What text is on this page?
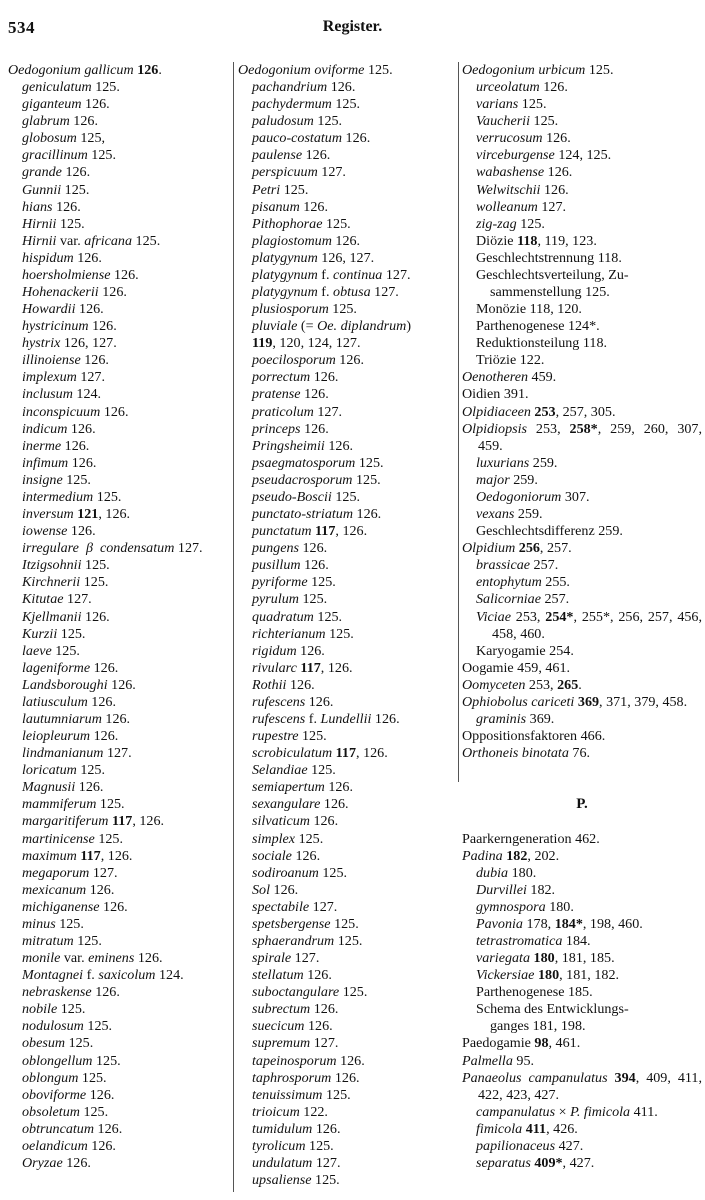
534	Register.
Oedogonium gallicum 126.
geniculatum 125.
giganteum 126.
glabrum 126.
globosum 125,
gracillinum 125.
grande 126.
Gunnii 125.
hians 126.
Hirnii 125.
Hirnii var. africana 125.
hispidum 126.
hoersholmiense 126.
Hohenackerii 126.
Howardii 126.
hystricinum 126.
hystrix 126, 127.
illinoiense 126.
implexum 127.
inclusum 124.
inconspicuum 126.
indicum 126.
inerme 126.
infimum 126.
insigne 125.
intermedium 125.
inversum 121, 126.
iowense 126.
irregulare  β  condensatum 127.
Itzigsohnii 125.
Kirchnerii 125.
Kitutae 127.
Kjellmanii 126.
Kurzii 125.
laeve 125.
lageniforme 126.
Landsboroughi 126.
latiusculum 126.
lautumniarum 126.
leiopleurum 126.
lindmanianum 127.
loricatum 125.
Magnusii 126.
mammiferum 125.
margaritiferum 117, 126.
martinicense 125.
maximum 117, 126.
megaporum 127.
mexicanum 126.
michiganense 126.
minus 125.
mitratum 125.
monile var. eminens 126.
Montagnei f. saxicolum 124.
nebraskense 126.
nobile 125.
nodulosum 125.
obesum 125.
oblongellum 125.
oblongum 125.
oboviforme 126.
obsoletum 125.
obtruncatum 126.
oelandicum 126.
Oryzae 126.
Oedogonium oviforme 125.
pachandrium 126.
pachydermum 125.
paludosum 125.
pauco-costatum 126.
paulense 126.
perspicuum 127.
Petri 125.
pisanum 126.
Pithophorae 125.
plagiostomum 126.
platygynum 126, 127.
platygynum f. continua 127.
platygynum f. obtusa 127.
plusiosporum 125.
pluviale (= Oe. diplandrum)
119, 120, 124, 127.
poecilosporum 126.
porrectum 126.
pratense 126.
praticolum 127.
princeps 126.
Pringsheimii 126.
psaegmatosporum 125.
pseudacrosporum 125.
pseudo-Boscii 125.
punctato-striatum 126.
punctatum 117, 126.
pungens 126.
pusillum 126.
pyriforme 125.
pyrulum 125.
quadratum 125.
richterianum 125.
rigidum 126.
rivularc 117, 126.
Rothii 126.
rufescens 126.
rufescens f. Lundellii 126.
rupestre 125.
scrobiculatum 117, 126.
Selandiae 125.
semiapertum 126.
sexangulare 126.
silvaticum 126.
simplex 125.
sociale 126.
sodiroanum 125.
Sol 126.
spectabile 127.
spetsbergense 125.
sphaerandrum 125.
spirale 127.
stellatum 126.
suboctangulare 125.
subrectum 126.
suecicum 126.
supremum 127.
tapeinosporum 126.
taphrosporum 126.
tenuissimum 125.
trioicum 122.
tumidulum 126.
tyrolicum 125.
undulatum 127.
upsaliense 125.
Oedogonium urbicum 125.
urceolatum 126.
varians 125.
Vaucherii 125.
verrucosum 126.
virceburgense 124, 125.
wabashense 126.
Welwitschii 126.
wolleanum 127.
zig-zag 125.
Diözie 118, 119, 123.
Geschlechtstrennung 118.
Geschlechtsverteilung, Zu-
sammenstellung 125.
Monözie 118, 120.
Parthenogenese 124*.
Reduktionsteilung 118.
Triözie 122.
Oenotheren 459.
Oidien 391.
Olpidiaceen 253, 257, 305.
Olpidiopsis 253, 258*, 259, 260, 307, 459.
luxurians 259.
major 259.
Oedogoniorum 307.
vexans 259.
Geschlechtsdifferenz 259.
Olpidium 256, 257.
brassicae 257.
entophytum 255.
Salicorniae 257.
Viciae 253, 254*, 255*, 256, 257, 456, 458, 460.
Karyogamie 254.
Oogamie 459, 461.
Oomyceten 253, 265.
Ophiobolus cariceti 369, 371, 379, 458.
graminis 369.
Oppositionsfaktoren 466.
Orthoneis binotata 76.
P.
Paarkerngeneration 462.
Padina 182, 202.
dubia 180.
Durvillei 182.
gymnospora 180.
Pavonia 178, 184*, 198, 460.
tetrastromatica 184.
variegata 180, 181, 185.
Vickersiae 180, 181, 182.
Parthenogenese 185.
Schema des Entwicklungs-
ganges 181, 198.
Paedogamie 98, 461.
Palmella 95.
Panaeolus campanulatus 394, 409, 411, 422, 423, 427.
campanulatus × P. fimicola 411.
fimicola 411, 426.
papilionaceus 427.
separatus 409*, 427.
